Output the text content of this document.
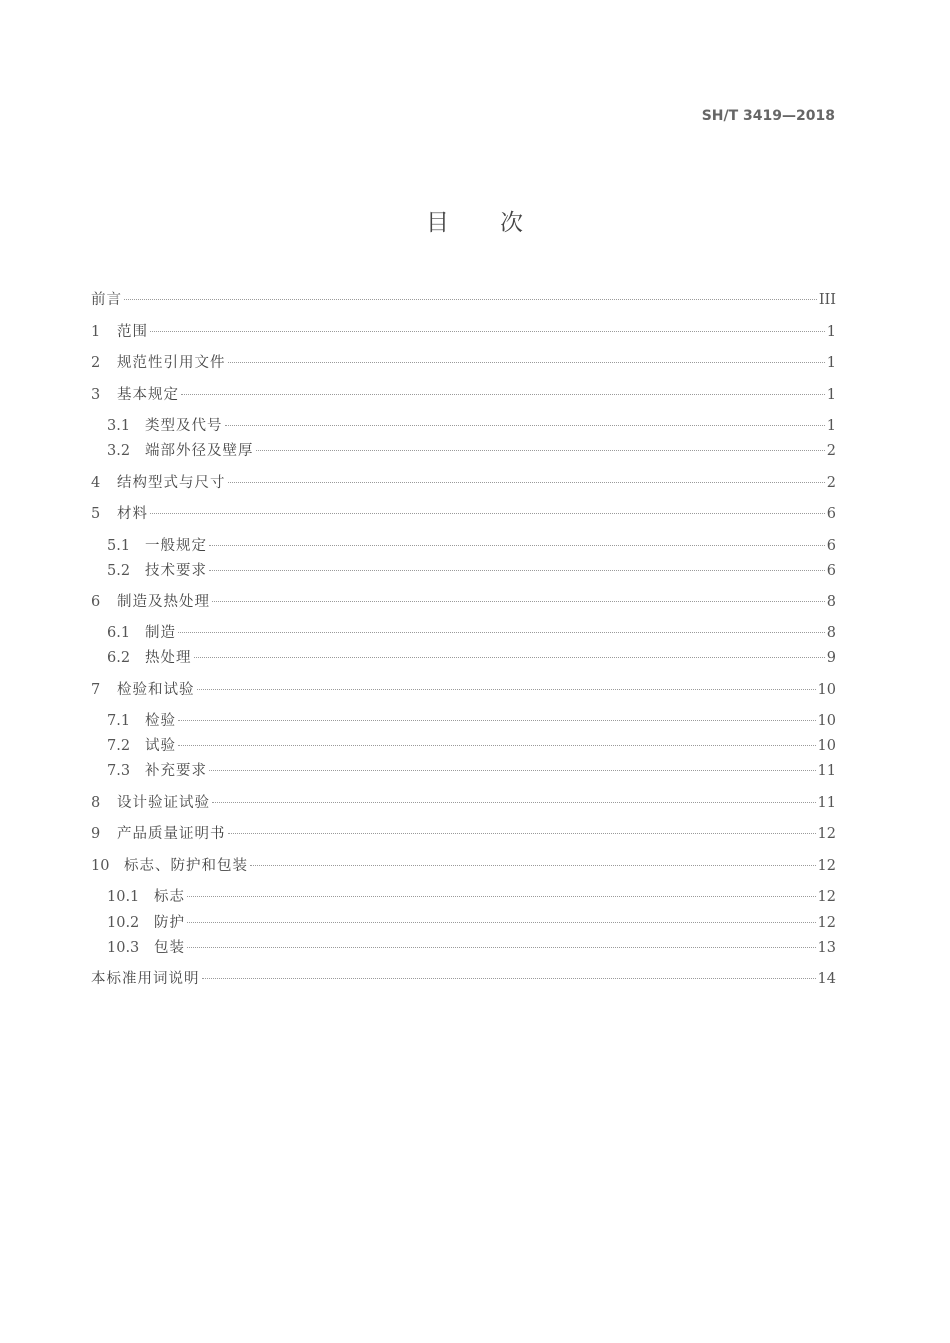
SH/T 3419—2018
目 次
前言	III
1	范围	1
2	规范性引用文件	1
3	基本规定	1
3.1	类型及代号	1
3.2	端部外径及壁厚	2
4	结构型式与尺寸	2
5	材料	6
5.1	一般规定	6
5.2	技术要求	6
6	制造及热处理	8
6.1	制造	8
6.2	热处理	9
7	检验和试验	10
7.1	检验	10
7.2	试验	10
7.3	补充要求	11
8	设计验证试验	11
9	产品质量证明书	12
10	标志、防护和包装	12
10.1	标志	12
10.2	防护	12
10.3	包装	13
本标准用词说明	14
